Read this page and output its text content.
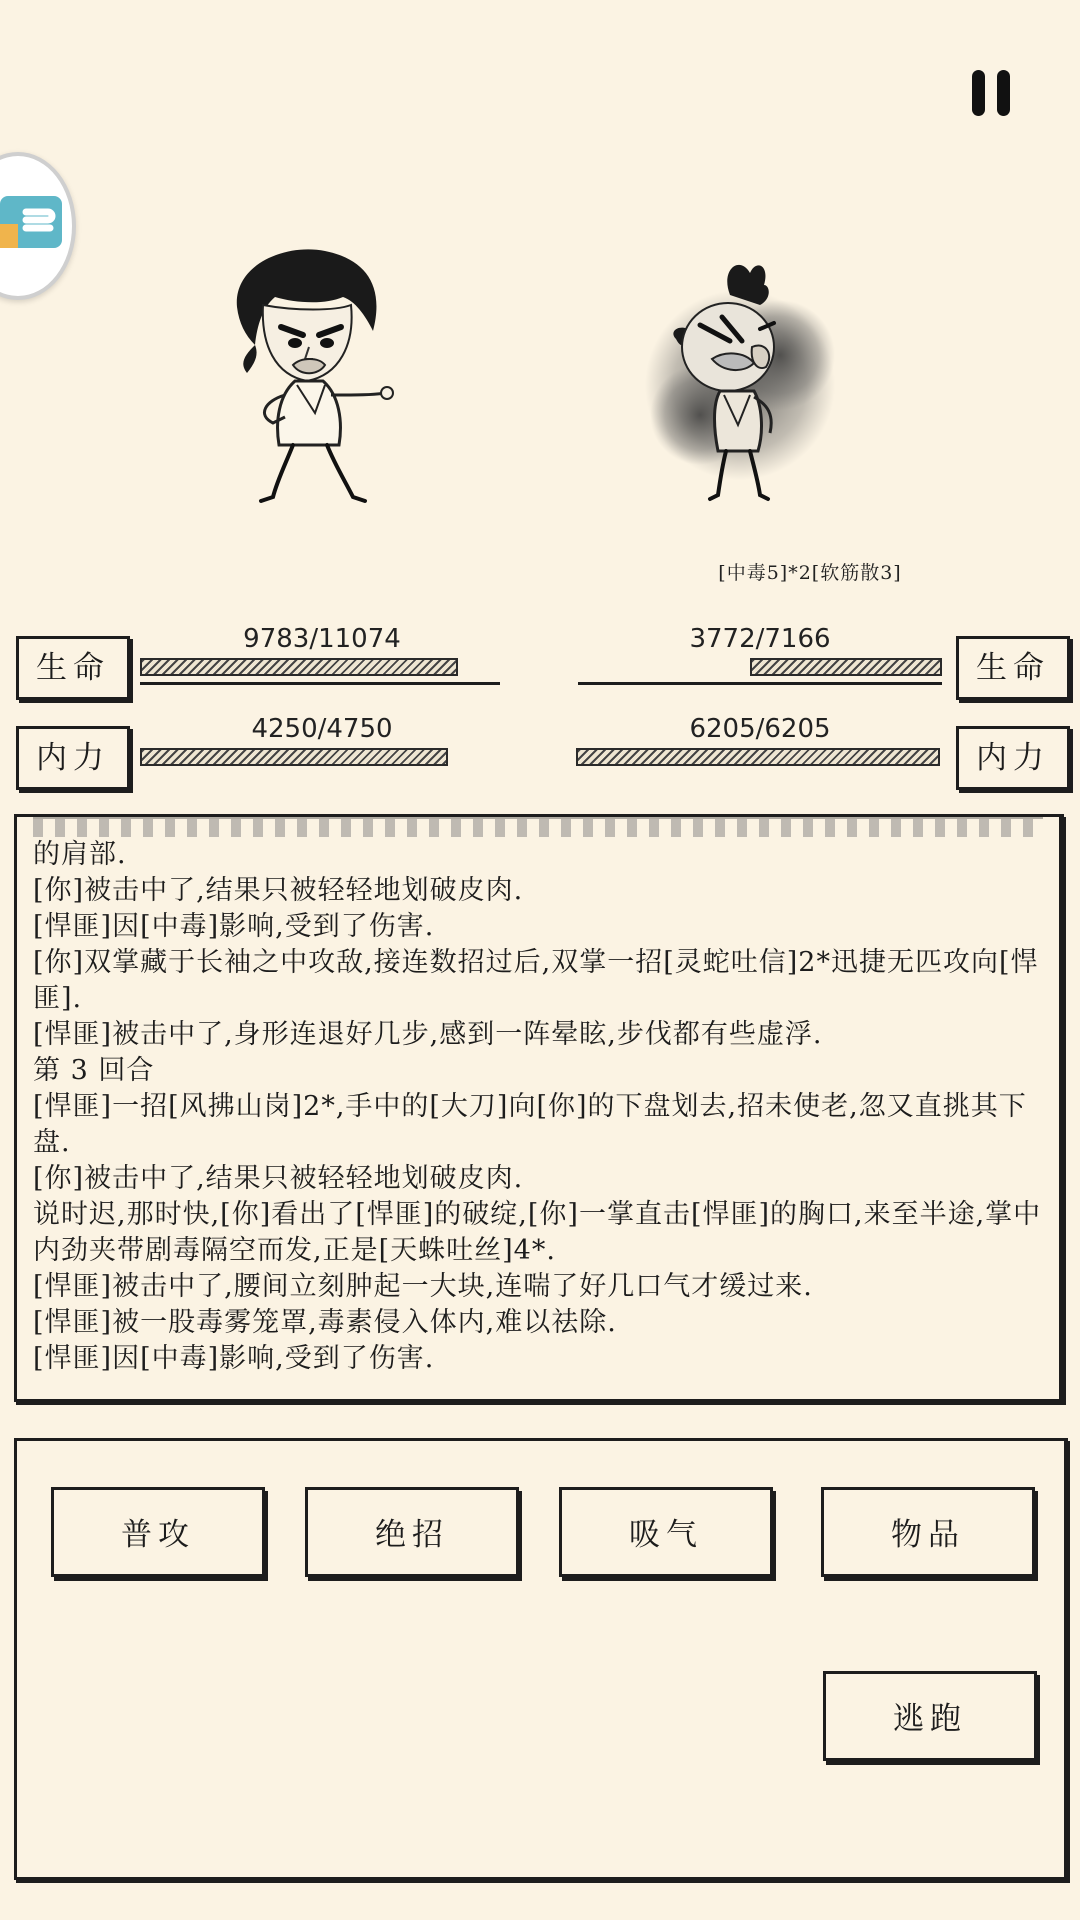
[中毒5]*2[软筋散3]
生命
9783/11074
内力
4250/4750
生命
3772/7166
内力
6205/6205
的肩部.
[你]被击中了,结果只被轻轻地划破皮肉.
[悍匪]因[中毒]影响,受到了伤害.
[你]双掌藏于长袖之中攻敌,接连数招过后,双掌一招[灵蛇吐信]2*迅捷无匹攻向[悍匪].
[悍匪]被击中了,身形连退好几步,感到一阵晕眩,步伐都有些虚浮.
第 3 回合
[悍匪]一招[风拂山岗]2*,手中的[大刀]向[你]的下盘划去,招未使老,忽又直挑其下盘.
[你]被击中了,结果只被轻轻地划破皮肉.
说时迟,那时快,[你]看出了[悍匪]的破绽,[你]一掌直击[悍匪]的胸口,来至半途,掌中内劲夹带剧毒隔空而发,正是[天蛛吐丝]4*.
[悍匪]被击中了,腰间立刻肿起一大块,连喘了好几口气才缓过来.
[悍匪]被一股毒雾笼罩,毒素侵入体内,难以祛除.
[悍匪]因[中毒]影响,受到了伤害.
普攻	绝招	吸气	物品
逃跑
